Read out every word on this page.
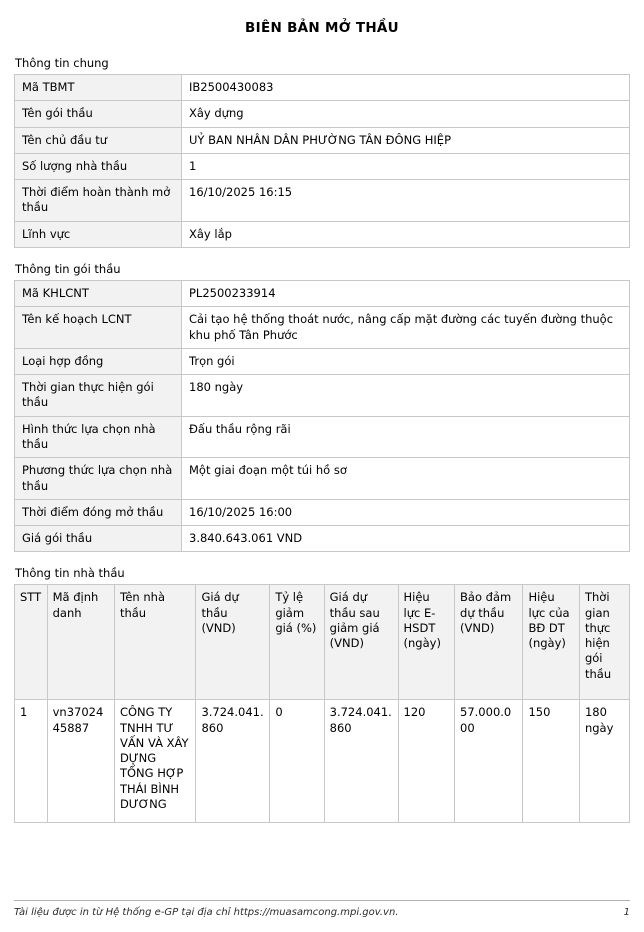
BIÊN BẢN MỞ THẦU
Thông tin chung
Mã TBMT	IB2500430083
Tên gói thầu	Xây dựng
Tên chủ đầu tư	UỶ BAN NHÂN DÂN PHƯỜNG TÂN ĐÔNG HIỆP
Số lượng nhà thầu	1
Thời điểm hoàn thành mở thầu	16/10/2025 16:15
Lĩnh vực	Xây lắp
Thông tin gói thầu
Mã KHLCNT	PL2500233914
Tên kế hoạch LCNT	Cải tạo hệ thống thoát nước, nâng cấp mặt đường các tuyến đường thuộc khu phố Tân Phước
Loại hợp đồng	Trọn gói
Thời gian thực hiện gói thầu	180 ngày
Hình thức lựa chọn nhà thầu	Đấu thầu rộng rãi
Phương thức lựa chọn nhà thầu	Một giai đoạn một túi hồ sơ
Thời điểm đóng mở thầu	16/10/2025 16:00
Giá gói thầu	3.840.643.061 VND
Thông tin nhà thầu
STT	Mã định danh	Tên nhà thầu	Giá dự thầu (VND)	Tỷ lệ giảm giá (%)	Giá dự thầu sau giảm giá (VND)	Hiệu lực E-HSDT (ngày)	Bảo đảm dự thầu (VND)	Hiệu lực của BĐ DT (ngày)	Thời gian thực hiện gói thầu
1	vn3702445887	CÔNG TY TNHH TƯ VẤN VÀ XÂY DỰNG TỔNG HỢP THÁI BÌNH DƯƠNG	3.724.041.860	0	3.724.041.860	120	57.000.000	150	180 ngày
Tài liệu được in từ Hệ thống e-GP tại địa chỉ https://muasamcong.mpi.gov.vn.	1
